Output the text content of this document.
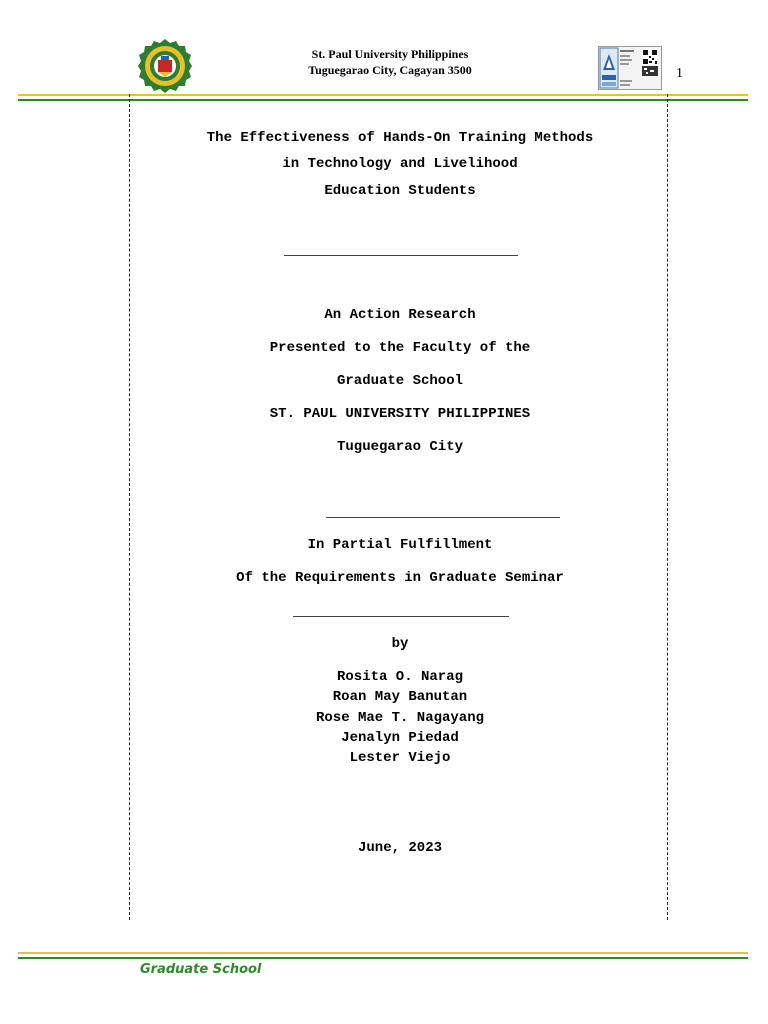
St. Paul University Philippines
Tuguegarao City, Cagayan 3500	1
The Effectiveness of Hands-On Training Methods
in Technology and Livelihood
Education Students
An Action Research
Presented to the Faculty of the
Graduate School
ST. PAUL UNIVERSITY PHILIPPINES
Tuguegarao City
In Partial Fulfillment
Of the Requirements in Graduate Seminar
by
Rosita O. Narag
Roan May Banutan
Rose Mae T. Nagayang
Jenalyn Piedad
Lester Viejo
June, 2023
Graduate School
